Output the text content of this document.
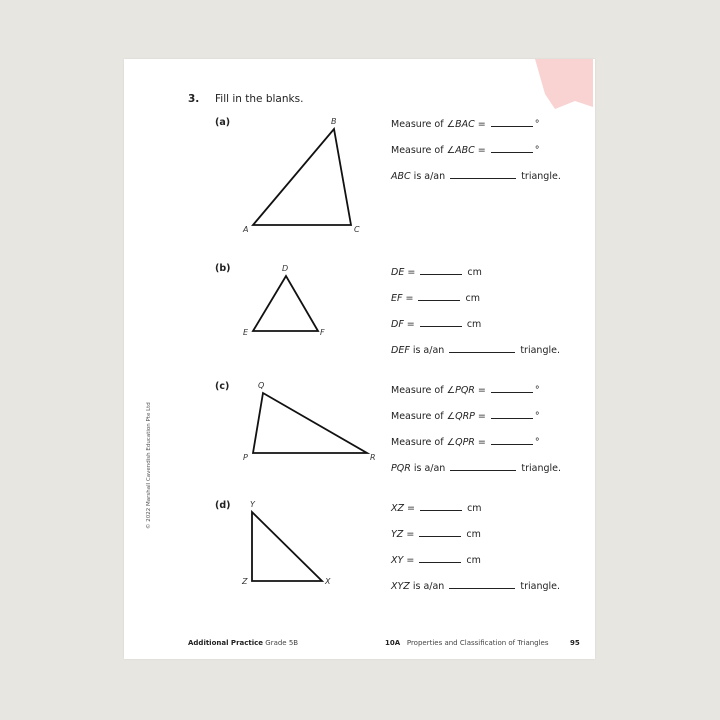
3. Fill in the blanks.
A
B
C
D
E	F
P
Q
R
Y
Z	X
(a)	Measure of ∠BAC =	°
Measure of ∠ABC =	°
ABC is a/an	triangle.
(b)	DE =	cm
EF =	cm
DF =	cm
DEF is a/an	triangle.
(c)	Measure of ∠PQR =	°
Measure of ∠QRP =	°
Measure of ∠QPR =	°
PQR is a/an	triangle.
(d)	XZ =	cm
YZ =	cm
XY =	cm
XYZ is a/an	triangle.
© 2022 Marshall Cavendish Education Pte Ltd
Additional Practice Grade 5B	10A Properties and Classification of Triangles	95
